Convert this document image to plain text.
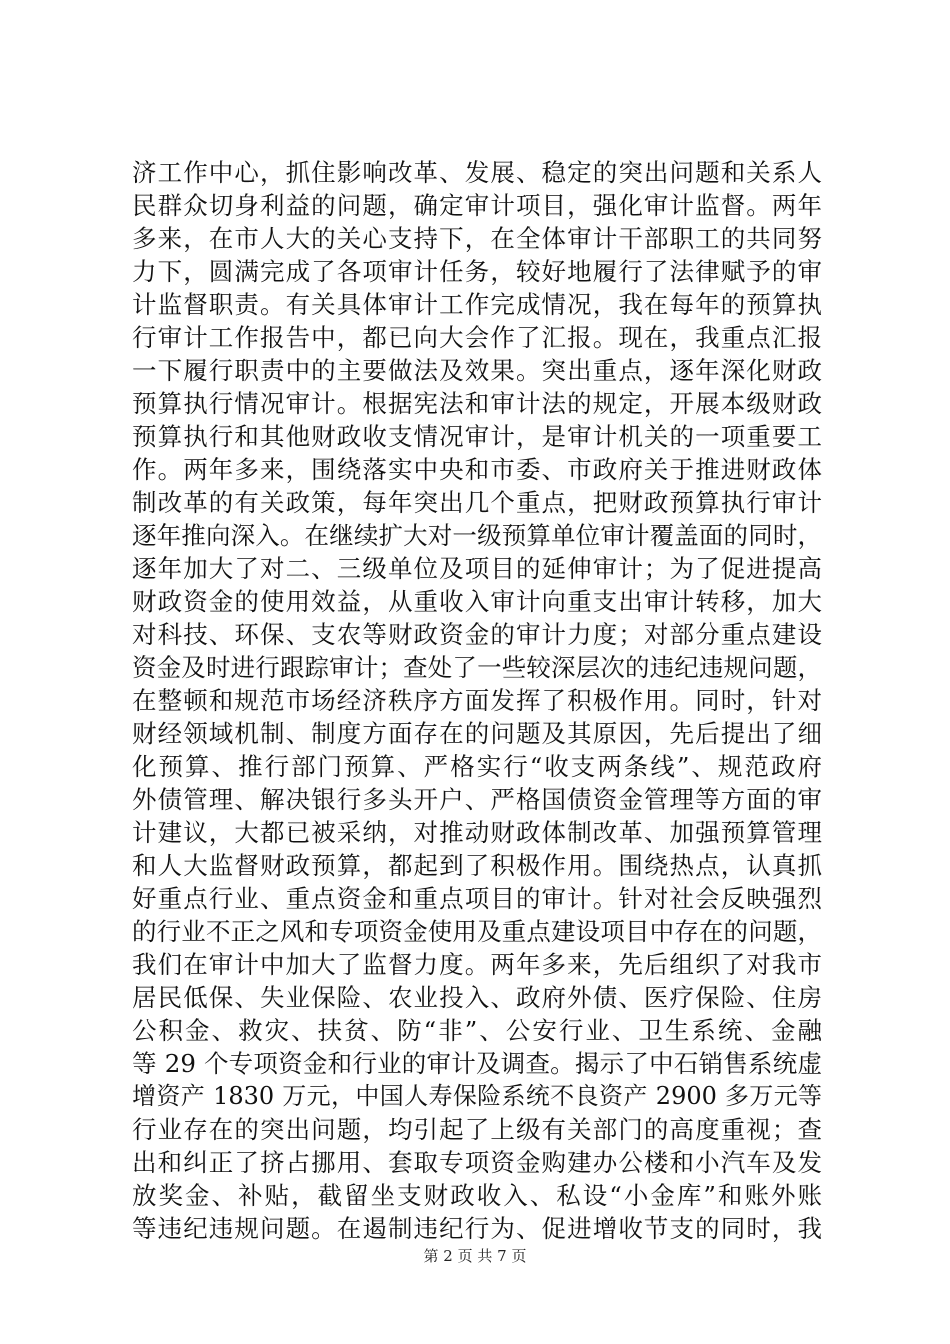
济工作中心，抓住影响改革、发展、稳定的突出问题和关系人
民群众切身利益的问题，确定审计项目，强化审计监督。两年
多来，在市人大的关心支持下，在全体审计干部职工的共同努
力下，圆满完成了各项审计任务，较好地履行了法律赋予的审
计监督职责。有关具体审计工作完成情况，我在每年的预算执
行审计工作报告中，都已向大会作了汇报。现在，我重点汇报
一下履行职责中的主要做法及效果。突出重点，逐年深化财政
预算执行情况审计。根据宪法和审计法的规定，开展本级财政
预算执行和其他财政收支情况审计，是审计机关的一项重要工
作。两年多来，围绕落实中央和市委、市政府关于推进财政体
制改革的有关政策，每年突出几个重点，把财政预算执行审计
逐年推向深入。在继续扩大对一级预算单位审计覆盖面的同时，
逐年加大了对二、三级单位及项目的延伸审计；为了促进提高
财政资金的使用效益，从重收入审计向重支出审计转移，加大
对科技、环保、支农等财政资金的审计力度；对部分重点建设
资金及时进行跟踪审计；查处了一些较深层次的违纪违规问题，
在整顿和规范市场经济秩序方面发挥了积极作用。同时，针对
财经领域机制、制度方面存在的问题及其原因，先后提出了细
化预算、推行部门预算、严格实行“收支两条线”、规范政府
外债管理、解决银行多头开户、严格国债资金管理等方面的审
计建议，大都已被采纳，对推动财政体制改革、加强预算管理
和人大监督财政预算，都起到了积极作用。围绕热点，认真抓
好重点行业、重点资金和重点项目的审计。针对社会反映强烈
的行业不正之风和专项资金使用及重点建设项目中存在的问题，
我们在审计中加大了监督力度。两年多来，先后组织了对我市
居民低保、失业保险、农业投入、政府外债、医疗保险、住房
公积金、救灾、扶贫、防“非”、公安行业、卫生系统、金融
等 29 个专项资金和行业的审计及调查。揭示了中石销售系统虚
增资产 1830 万元，中国人寿保险系统不良资产 2900 多万元等
行业存在的突出问题，均引起了上级有关部门的高度重视；查
出和纠正了挤占挪用、套取专项资金购建办公楼和小汽车及发
放奖金、补贴，截留坐支财政收入、私设“小金库”和账外账
等违纪违规问题。在遏制违纪行为、促进增收节支的同时，我
第 2 页 共 7 页
